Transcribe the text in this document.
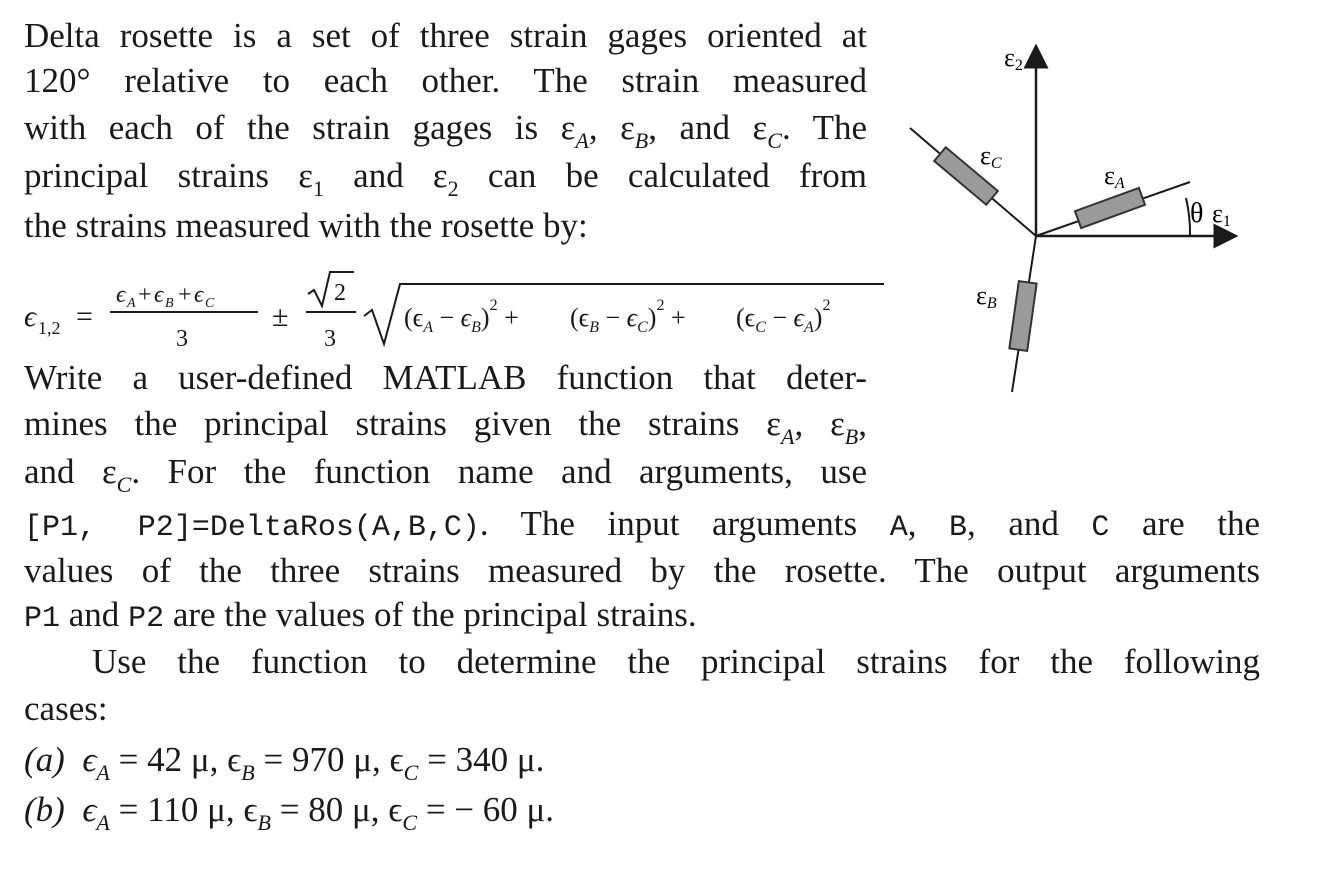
Delta rosette is a set of three strain gages oriented at
120° relative to each other. The strain measured
with each of the strain gages is $\varepsilon_A$, $\varepsilon_B$, and $\varepsilon_C$. The
principal strains $\varepsilon_1$ and $\varepsilon_2$ can be calculated from
the strains measured with the rosette by:
ϵ 1,2 =
ϵ A + ϵ B + ϵ C
3
±
2
3
$(\epsilon_A - \epsilon_B)^2 + (\epsilon_B - \epsilon_C)^2 + (\epsilon_C - \epsilon_A)^2$
Write a user-defined MATLAB function that deter-
mines the principal strains given the strains $\varepsilon_A$, $\varepsilon_B$,
and $\varepsilon_C$. For the function name and arguments, use
[P1, P2]=DeltaRos(A,B,C). The input arguments A, B, and C are the
values of the three strains measured by the rosette. The output arguments
P1 and P2 are the values of the principal strains.
Use the function to determine the principal strains for the following
cases:
(a) $\epsilon_A = 42$ μ, $\epsilon_B = 970$ μ, $\epsilon_C = 340$ μ.
(b) $\epsilon_A = 110$ μ, $\epsilon_B = 80$ μ, $\epsilon_C$ = − 60 μ.
ε2
εC	εA
εB
θ ε1
